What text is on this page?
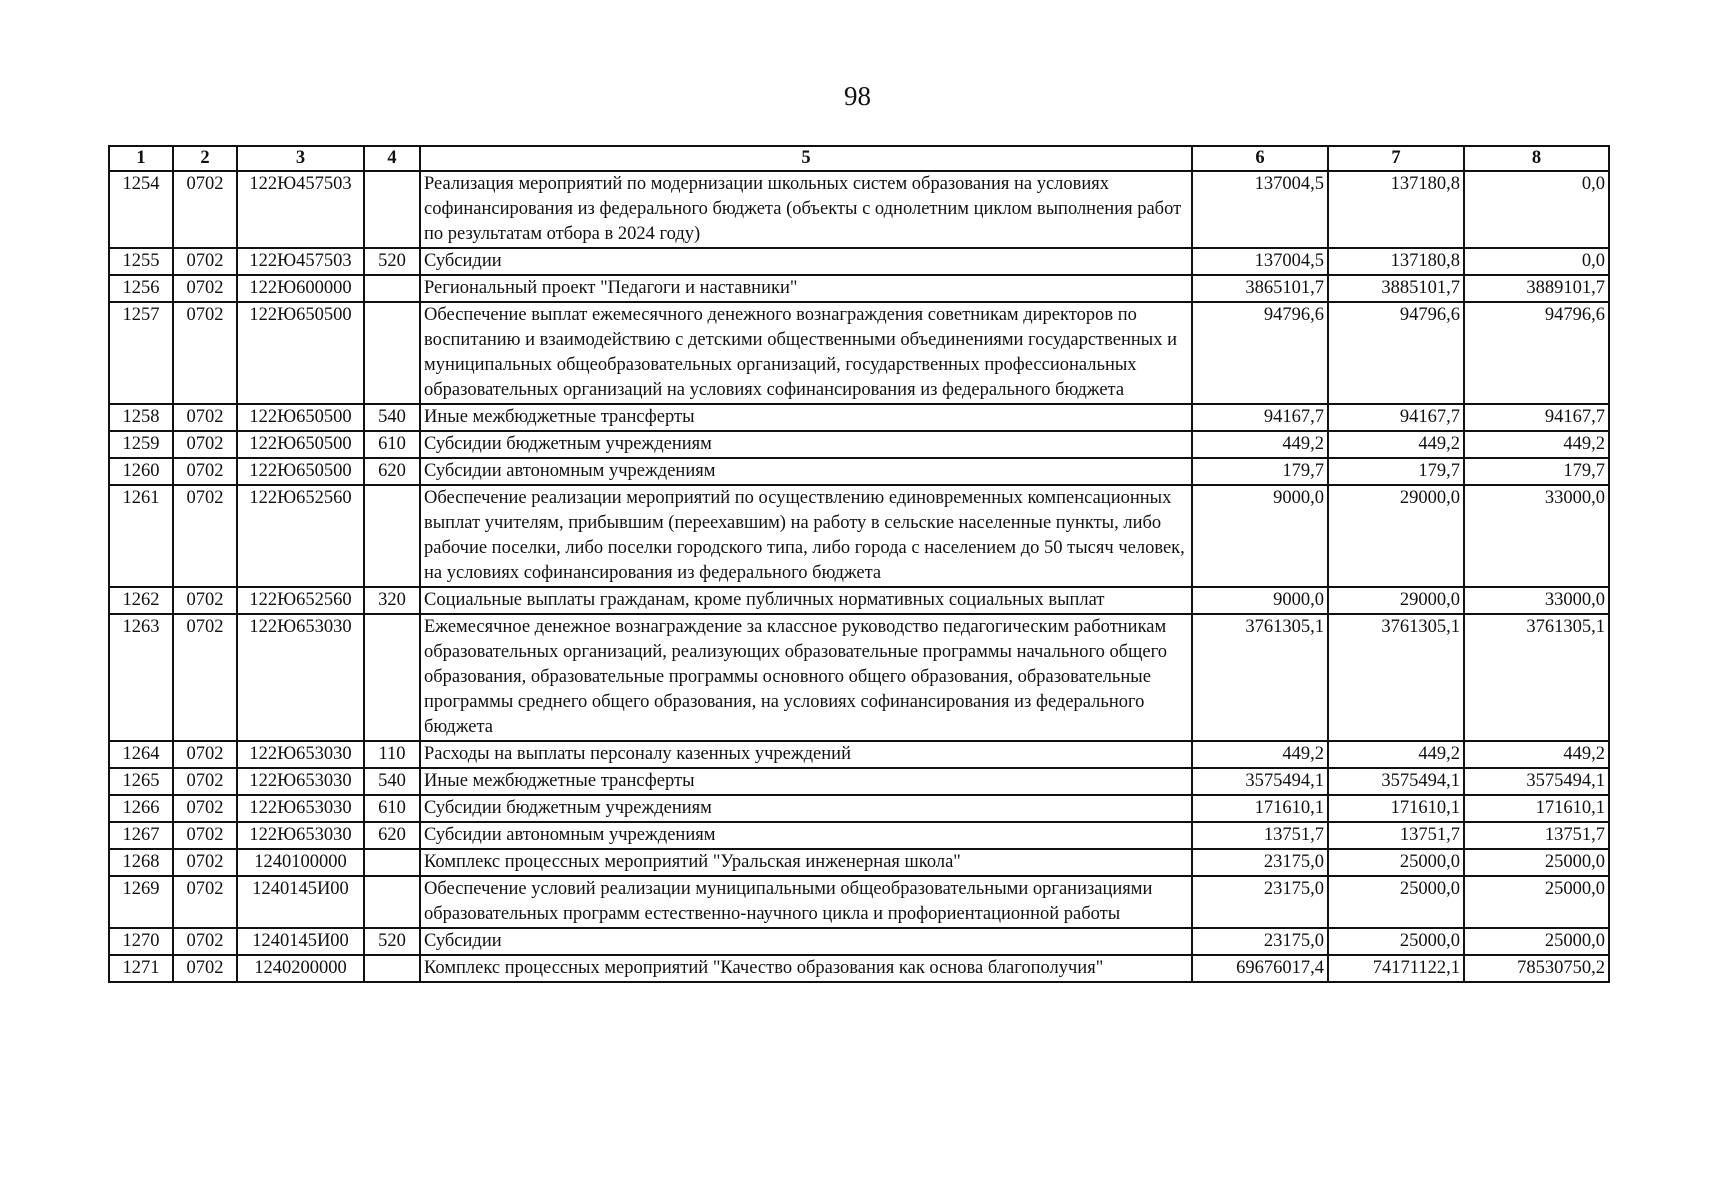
98
1	2	3	4	5	6	7	8
1254	0702	122Ю457503		Реализация мероприятий по модернизации школьных систем образования на условиях софинансирования из федерального бюджета (объекты с однолетним циклом выполнения работ по результатам отбора в 2024 году)	137004,5	137180,8	0,0
1255	0702	122Ю457503	520	Субсидии	137004,5	137180,8	0,0
1256	0702	122Ю600000		Региональный проект "Педагоги и наставники"	3865101,7	3885101,7	3889101,7
1257	0702	122Ю650500		Обеспечение выплат ежемесячного денежного вознаграждения советникам директоров по воспитанию и взаимодействию с детскими общественными объединениями государственных и муниципальных общеобразовательных организаций, государственных профессиональных образовательных организаций на условиях софинансирования из федерального бюджета	94796,6	94796,6	94796,6
1258	0702	122Ю650500	540	Иные межбюджетные трансферты	94167,7	94167,7	94167,7
1259	0702	122Ю650500	610	Субсидии бюджетным учреждениям	449,2	449,2	449,2
1260	0702	122Ю650500	620	Субсидии автономным учреждениям	179,7	179,7	179,7
1261	0702	122Ю652560		Обеспечение реализации мероприятий по осуществлению единовременных компенсационных выплат учителям, прибывшим (переехавшим) на работу в сельские населенные пункты, либо рабочие поселки, либо поселки городского типа, либо города с населением до 50 тысяч человек, на условиях софинансирования из федерального бюджета	9000,0	29000,0	33000,0
1262	0702	122Ю652560	320	Социальные выплаты гражданам, кроме публичных нормативных социальных выплат	9000,0	29000,0	33000,0
1263	0702	122Ю653030		Ежемесячное денежное вознаграждение за классное руководство педагогическим работникам образовательных организаций, реализующих образовательные программы начального общего образования, образовательные программы основного общего образования, образовательные программы среднего общего образования, на условиях софинансирования из федерального бюджета	3761305,1	3761305,1	3761305,1
1264	0702	122Ю653030	110	Расходы на выплаты персоналу казенных учреждений	449,2	449,2	449,2
1265	0702	122Ю653030	540	Иные межбюджетные трансферты	3575494,1	3575494,1	3575494,1
1266	0702	122Ю653030	610	Субсидии бюджетным учреждениям	171610,1	171610,1	171610,1
1267	0702	122Ю653030	620	Субсидии автономным учреждениям	13751,7	13751,7	13751,7
1268	0702	1240100000		Комплекс процессных мероприятий "Уральская инженерная школа"	23175,0	25000,0	25000,0
1269	0702	1240145И00		Обеспечение условий реализации муниципальными общеобразовательными организациями образовательных программ естественно-научного цикла и профориентационной работы	23175,0	25000,0	25000,0
1270	0702	1240145И00	520	Субсидии	23175,0	25000,0	25000,0
1271	0702	1240200000		Комплекс процессных мероприятий "Качество образования как основа благополучия"	69676017,4	74171122,1	78530750,2
